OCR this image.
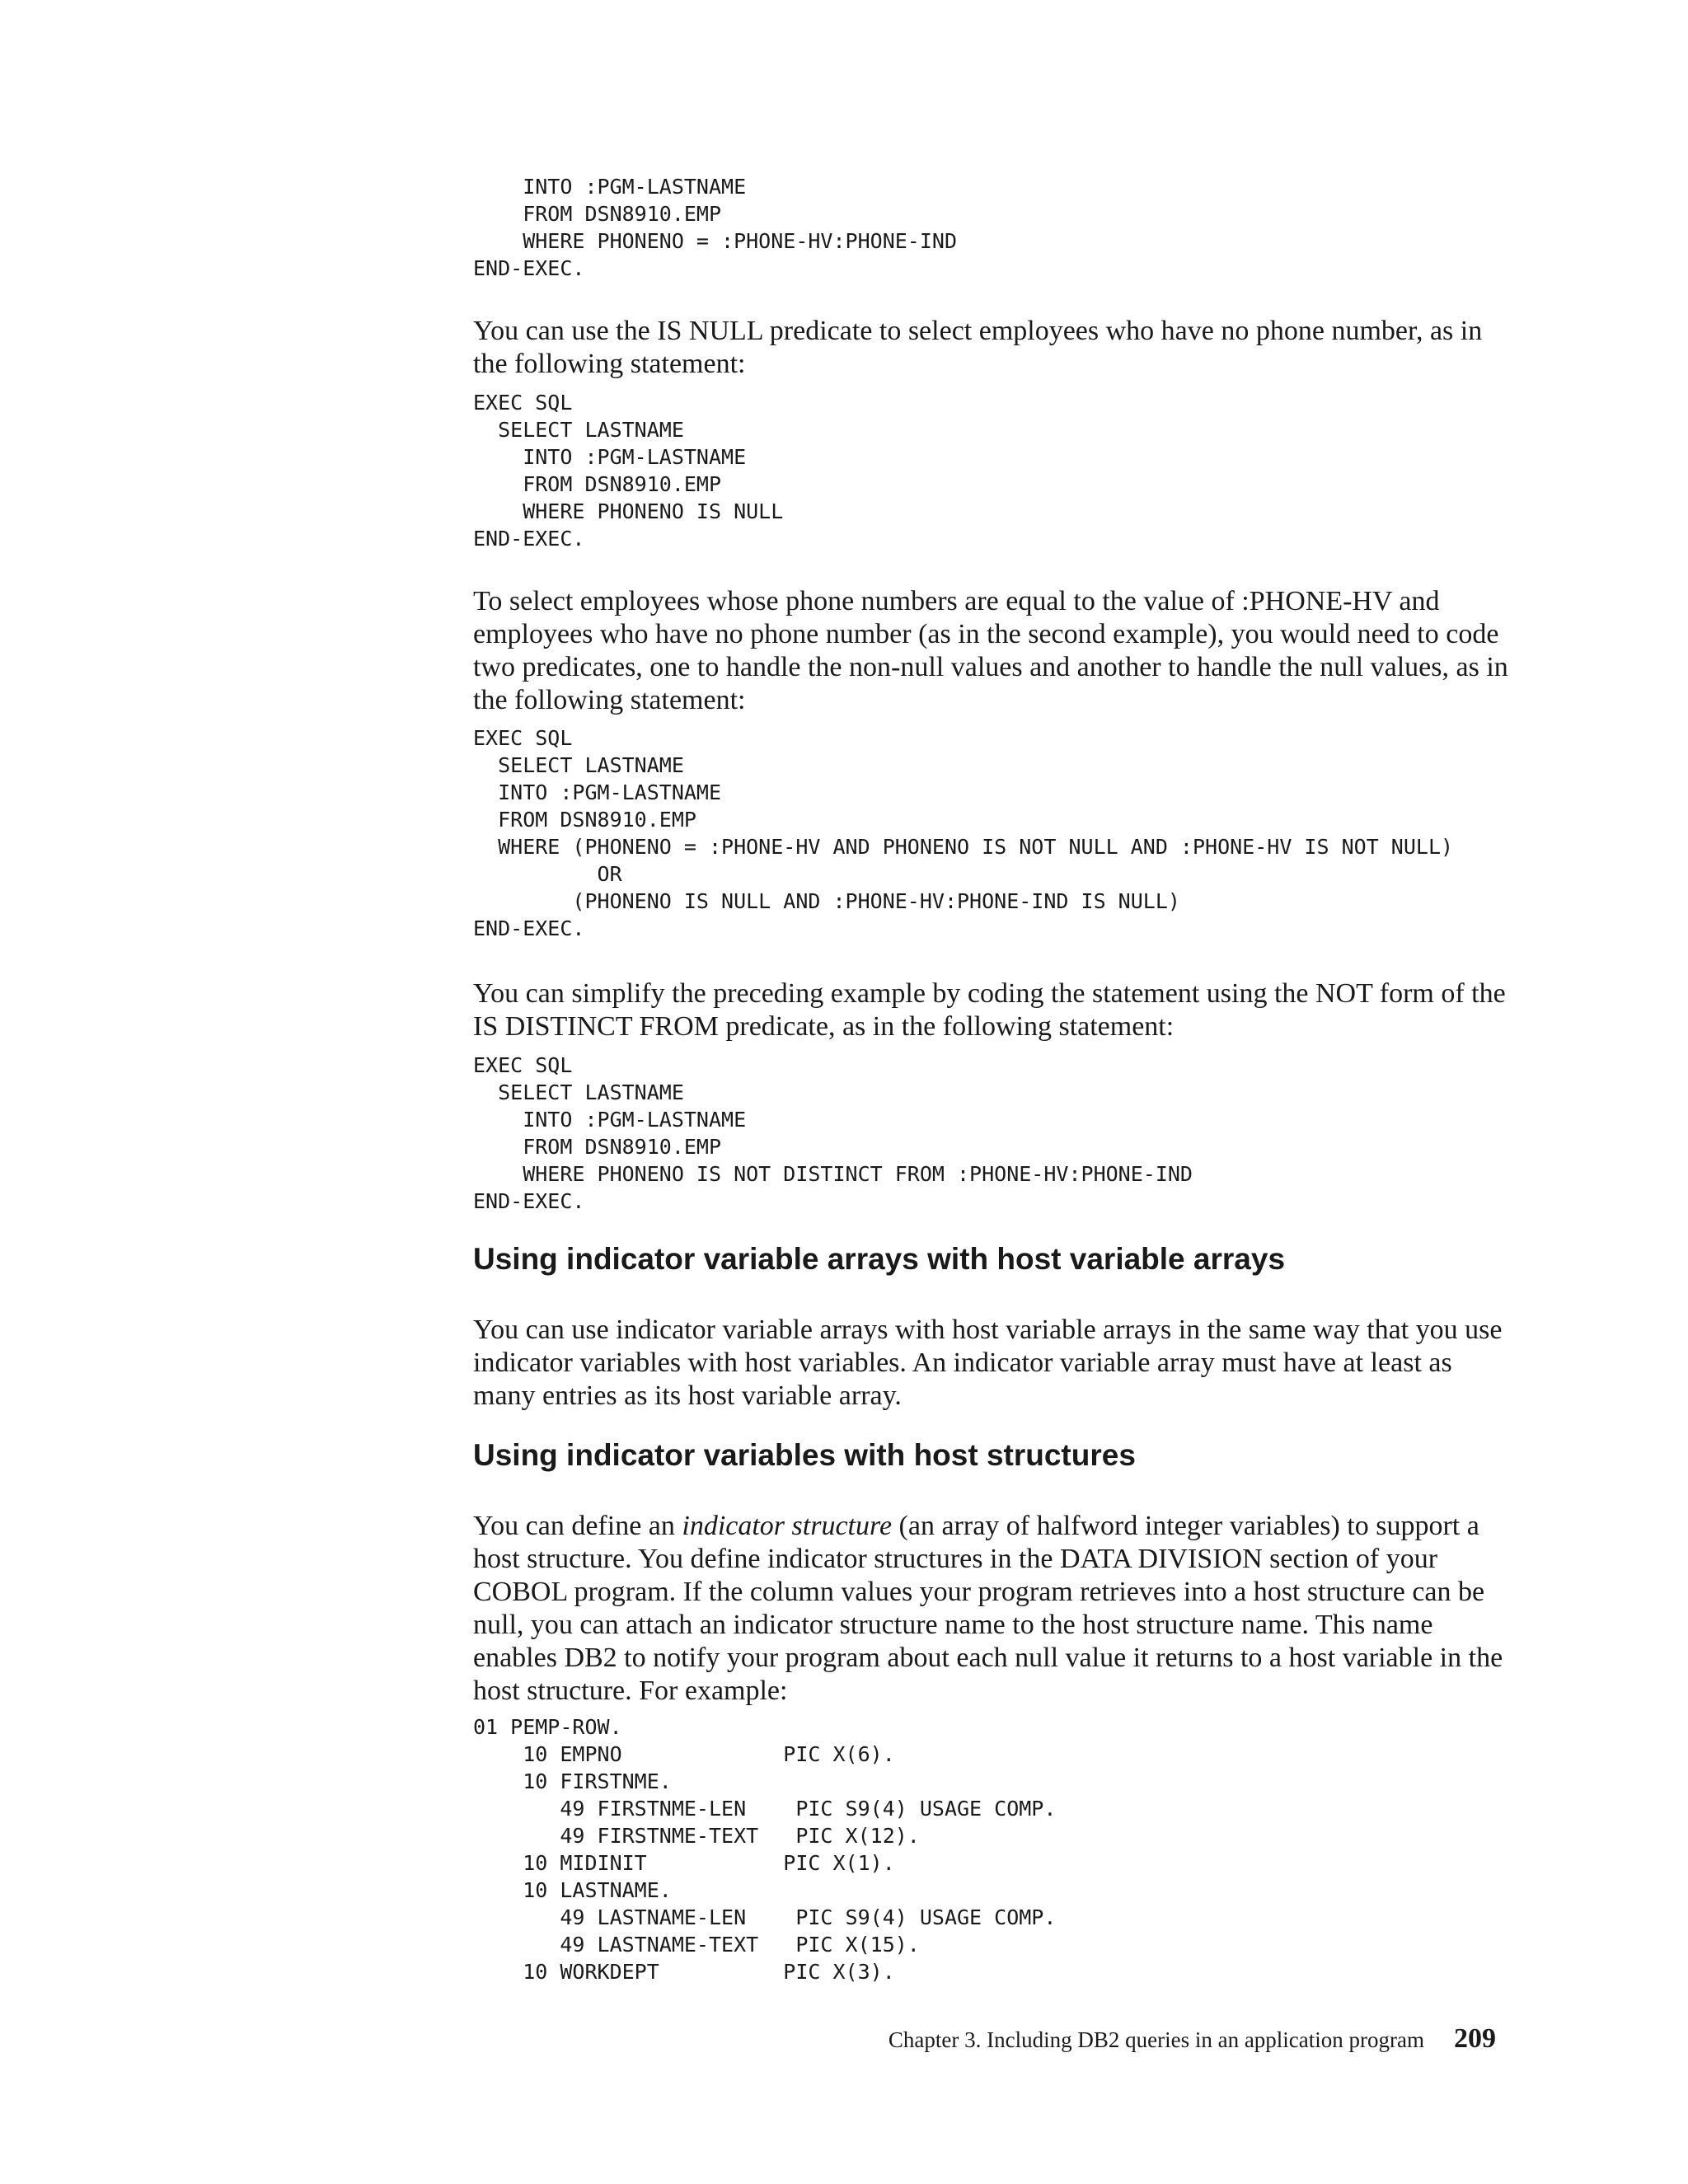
INTO :PGM-LASTNAME
FROM DSN8910.EMP
WHERE PHONENO = :PHONE-HV:PHONE-IND
END-EXEC.

You can use the IS NULL predicate to select employees who have no phone number, as in the following statement:

EXEC SQL
SELECT LASTNAME
INTO :PGM-LASTNAME
FROM DSN8910.EMP
WHERE PHONENO IS NULL
END-EXEC.

To select employees whose phone numbers are equal to the value of :PHONE-HV and employees who have no phone number (as in the second example), you would need to code two predicates, one to handle the non-null values and another to handle the null values, as in the following statement:

EXEC SQL
SELECT LASTNAME
INTO :PGM-LASTNAME
FROM DSN8910.EMP
WHERE (PHONENO = :PHONE-HV AND PHONENO IS NOT NULL AND :PHONE-HV IS NOT NULL)
OR
(PHONENO IS NULL AND :PHONE-HV:PHONE-IND IS NULL)
END-EXEC.

You can simplify the preceding example by coding the statement using the NOT form of the IS DISTINCT FROM predicate, as in the following statement:

EXEC SQL
SELECT LASTNAME
INTO :PGM-LASTNAME
FROM DSN8910.EMP
WHERE PHONENO IS NOT DISTINCT FROM :PHONE-HV:PHONE-IND
END-EXEC.
Using indicator variable arrays with host variable arrays

You can use indicator variable arrays with host variable arrays in the same way that you use indicator variables with host variables. An indicator variable array must have at least as many entries as its host variable array.

Using indicator variables with host structures

You can define an indicator structure (an array of halfword integer variables) to support a host structure. You define indicator structures in the DATA DIVISION section of your COBOL program. If the column values your program retrieves into a host structure can be null, you can attach an indicator structure name to the host structure name. This name enables DB2 to notify your program about each null value it returns to a host variable in the host structure. For example:

01 PEMP-ROW.
10 EMPNO             PIC X(6).
10 FIRSTNME.
49 FIRSTNME-LEN    PIC S9(4) USAGE COMP.
49 FIRSTNME-TEXT   PIC X(12).
10 MIDINIT           PIC X(1).
10 LASTNAME.
49 LASTNAME-LEN    PIC S9(4) USAGE COMP.
49 LASTNAME-TEXT   PIC X(15).
10 WORKDEPT          PIC X(3).
Chapter 3. Including DB2 queries in an application program 209
